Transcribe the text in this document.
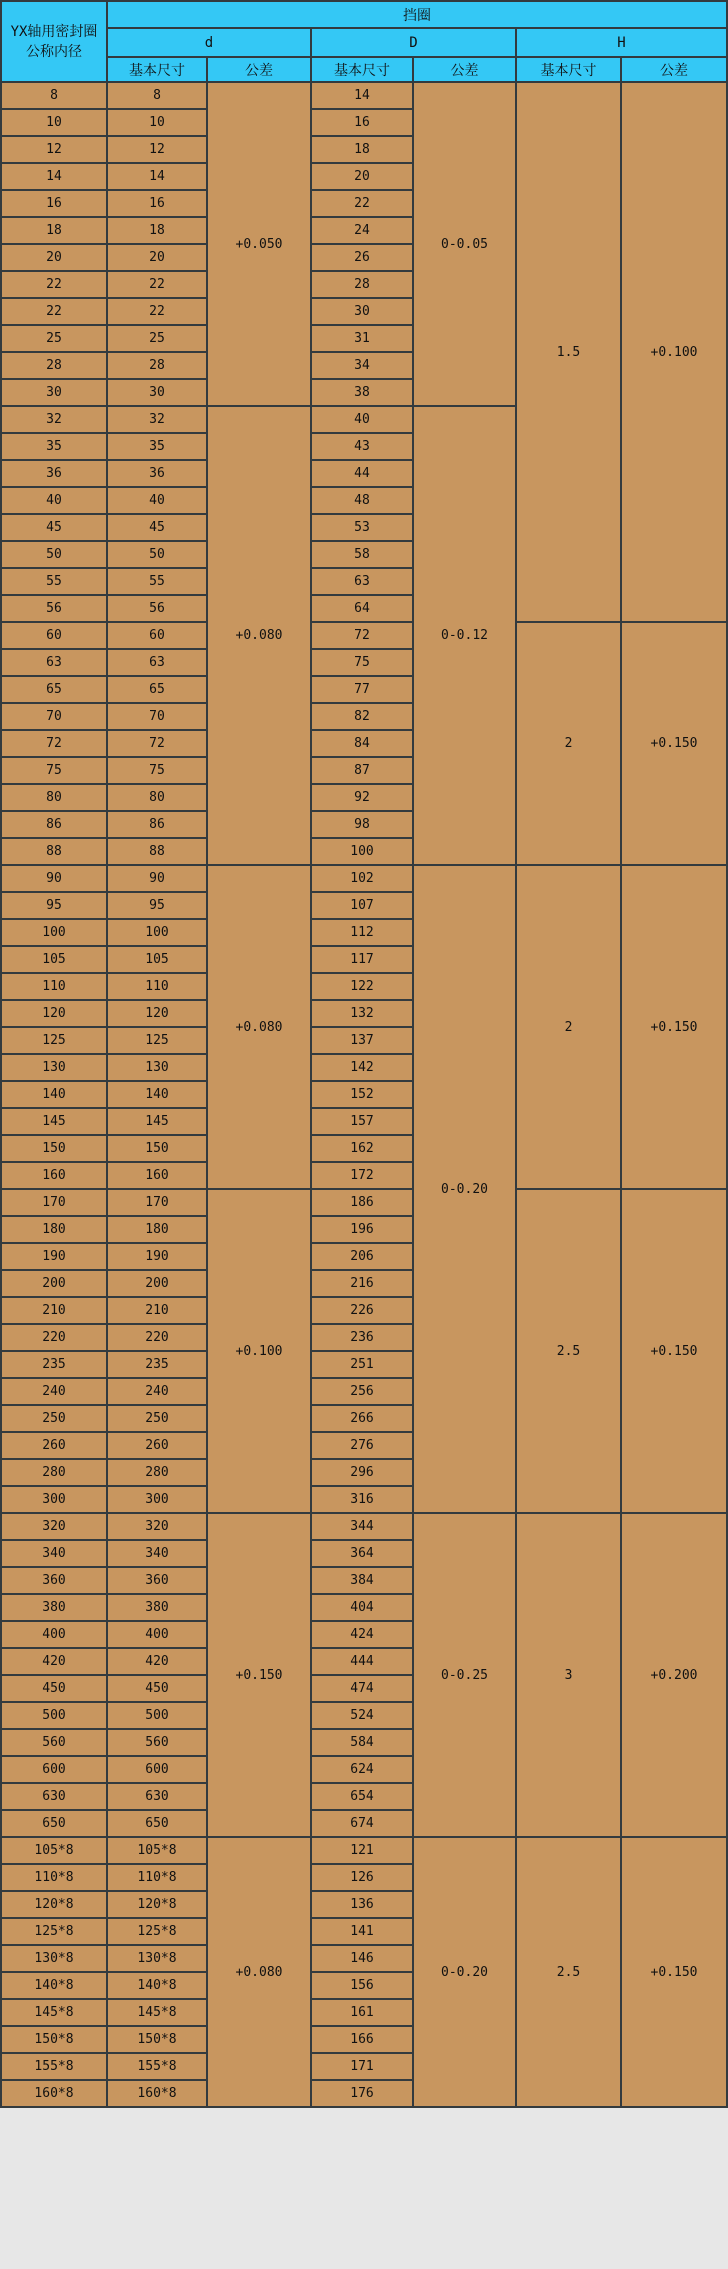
YX轴用密封圈
公称内径	挡圈					
	d		D		H	
	基本尺寸	公差	基本尺寸	公差	基本尺寸	公差
8	8	+0.050	14	0-0.05	1.5	+0.100
10	10		16			
12	12		18			
14	14		20			
16	16		22			
18	18		24			
20	20		26			
22	22		28			
22	22		30			
25	25		31			
28	28		34			
30	30		38			
32	32	+0.080	40	0-0.12		
35	35		43			
36	36		44			
40	40		48			
45	45		53			
50	50		58			
55	55		63			
56	56		64			
60	60		72		2	+0.150
63	63		75			
65	65		77			
70	70		82			
72	72		84			
75	75		87			
80	80		92			
86	86		98			
88	88		100			
90	90	+0.080	102	0-0.20	2	+0.150
95	95		107			
100	100		112			
105	105		117			
110	110		122			
120	120		132			
125	125		137			
130	130		142			
140	140		152			
145	145		157			
150	150		162			
160	160		172			
170	170	+0.100	186		2.5	+0.150
180	180		196			
190	190		206			
200	200		216			
210	210		226			
220	220		236			
235	235		251			
240	240		256			
250	250		266			
260	260		276			
280	280		296			
300	300		316			
320	320	+0.150	344	0-0.25	3	+0.200
340	340		364			
360	360		384			
380	380		404			
400	400		424			
420	420		444			
450	450		474			
500	500		524			
560	560		584			
600	600		624			
630	630		654			
650	650		674			
105*8	105*8	+0.080	121	0-0.20	2.5	+0.150
110*8	110*8		126			
120*8	120*8		136			
125*8	125*8		141			
130*8	130*8		146			
140*8	140*8		156			
145*8	145*8		161			
150*8	150*8		166			
155*8	155*8		171			
160*8	160*8		176			
